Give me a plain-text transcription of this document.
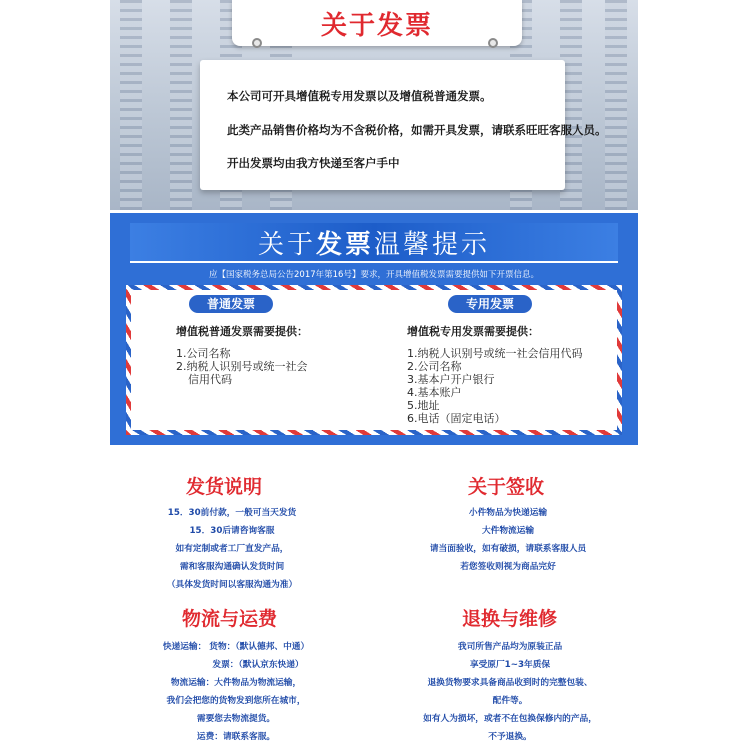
关于发票

本公司可开具增值税专用发票以及增值税普通发票。

此类产品销售价格均为不含税价格，如需开具发票，请联系旺旺客服人员。

开出发票均由我方快递至客户手中

关于发票温馨提示
应【国家税务总局公告2017年第16号】要求，开具增值税发票需要提供如下开票信息。
普通发票	专用发票
增值税普通发票需要提供：
1.公司名称
2.纳税人识别号或统一社会
信用代码
增值税专用发票需要提供：
1.纳税人识别号或统一社会信用代码
2.公司名称
3.基本户开户银行
4.基本账户
5.地址
6.电话（固定电话）
发货说明
15．30前付款，一般可当天发货
15．30后请咨询客服
如有定制或者工厂直发产品，
需和客服沟通确认发货时间
（具体发货时间以客服沟通为准）
关于签收
小件物品为快递运输
大件物流运输
请当面验收，如有破损，请联系客服人员
若您签收则视为商品完好
物流与运费
快递运输： 货物：（默认德邦、中通）
发票：（默认京东快递）
物流运输：大件物品为物流运输，
我们会把您的货物发到您所在城市，
需要您去物流提货。
运费：请联系客服。
退换与维修
我司所售产品均为原装正品
享受原厂1~3年质保
退换货物要求具备商品收到时的完整包装、
配件等。
如有人为损坏，或者不在包换保修内的产品，
不予退换。
